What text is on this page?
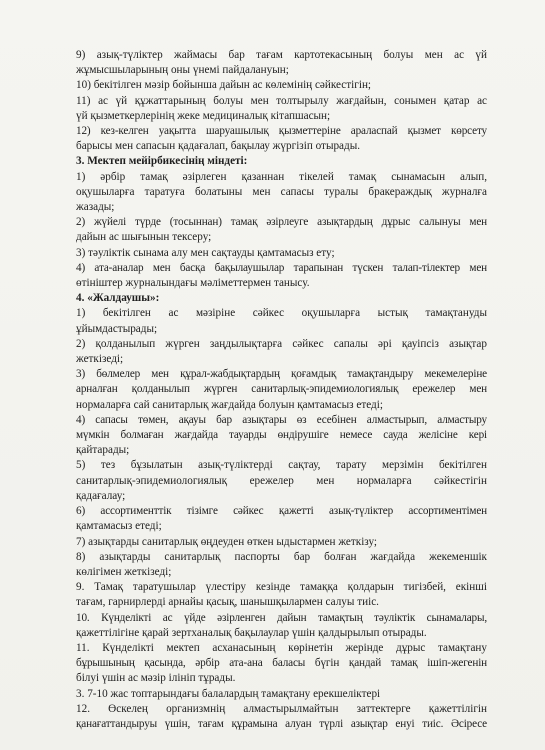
9) азық-түліктер жаймасы бар тағам картотекасының болуы мен ас үй
жұмысшыларының оны үнемі пайдалануын;
10) бекітілген мәзір бойынша дайын ас көлемінің сәйкестігін;
11) ас үй құжаттарының болуы мен толтырылу жағдайын, сонымен қатар ас
үй қызметкерлерінің жеке медициналық кітапшасын;
12) кез-келген уақытта шаруашылық қызметтеріне араласпай қызмет көрсету
барысы мен сапасын қадағалап, бақылау жүргізіп отырады.
3. Мектеп мейірбикесінің міндеті:
1) әрбір тамақ әзірлеген қазаннан тікелей тамақ сынамасын алып,
оқушыларға таратуға болатыны мен сапасы туралы бракераждық журналға
жазады;
2) жүйелі түрде (тосыннан) тамақ әзірлеуге азықтардың дұрыс салынуы мен
дайын ас шығынын тексеру;
3) тәуліктік сынама алу мен сақтауды қамтамасыз ету;
4) ата-аналар мен басқа бақылаушылар тарапынан түскен талап-тілектер мен
өтініштер журналындағы мәліметтермен танысу.
4. «Жалдаушы»:
1) бекітілген ас мәзіріне сәйкес оқушыларға ыстық тамақтануды
ұйымдастырады;
2) қолданылып жүрген заңдылықтарға сәйкес сапалы әрі қауіпсіз азықтар
жеткізеді;
3) бөлмелер мен құрал-жабдықтардың қоғамдық тамақтандыру мекемелеріне
арналған қолданылып жүрген санитарлық-эпидемиологиялық ережелер мен
нормаларға сай санитарлық жағдайда болуын қамтамасыз етеді;
4) сапасы төмен, ақауы бар азықтары өз есебінен алмастырып, алмастыру
мүмкін болмаған жағдайда тауарды өндірушіге немесе сауда желісіне кері
қайтарады;
5) тез бұзылатын азық-түліктерді сақтау, тарату мерзімін бекітілген
санитарлық-эпидемиологиялық ережелер мен нормаларға сәйкестігін
қадағалау;
6) ассортименттік тізімге сәйкес қажетті азық-түліктер ассортиментімен
қамтамасыз етеді;
7) азықтарды санитарлық өңдеуден өткен ыдыстармен жеткізу;
8) азықтарды санитарлық паспорты бар болған жағдайда жекеменшік
көлігімен жеткізеді;
9. Тамақ таратушылар үлестіру кезінде тамаққа қолдарын тигізбей, екінші
тағам, гарнирлерді арнайы қасық, шанышқылармен салуы тиіс.
10. Күнделікті ас үйде әзірленген дайын тамақтың тәуліктік сынамалары,
қажеттілігіне қарай зертханалық бақылаулар үшін қалдырылып отырады.
11. Күнделікті мектеп асханасының көрінетін жерінде дұрыс тамақтану
бұрышының қасында, әрбір ата-ана баласы бүгін қандай тамақ ішіп-жегенін
білуі үшін ас мәзір ілініп тұрады.
3. 7-10 жас топтарындағы балалардың тамақтану ерекшеліктері
12. Өскелең организмнің алмастырылмайтын заттектерге қажеттілігін
қанағаттандыруы үшін, тағам құрамына алуан түрлі азықтар енуі тиіс. Әсіресе
